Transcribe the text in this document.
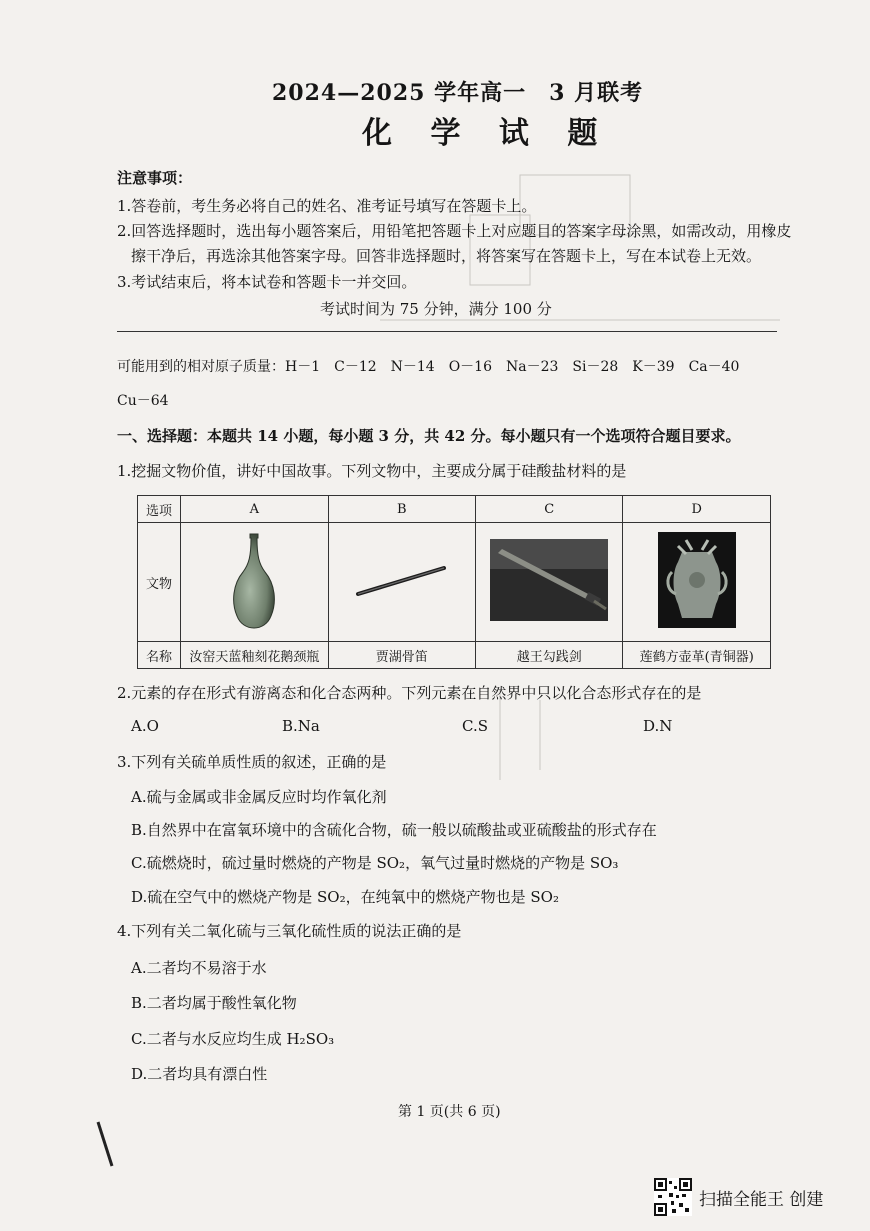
2024—2025 学年高一　3 月联考
化 学 试 题
注意事项：
1.答卷前，考生务必将自己的姓名、准考证号填写在答题卡上。
2.回答选择题时，选出每小题答案后，用铅笔把答题卡上对应题目的答案字母涂黑，如需改动，用橡皮
擦干净后，再选涂其他答案字母。回答非选择题时，将答案写在答题卡上，写在本试卷上无效。
3.考试结束后，将本试卷和答题卡一并交回。
考试时间为 75 分钟，满分 100 分
可能用到的相对原子质量：H－1　C－12　N－14　O－16　Na－23　Si－28　K－39　Ca－40
Cu－64
一、选择题：本题共 14 小题，每小题 3 分，共 42 分。每小题只有一个选项符合题目要求。
1.挖掘文物价值，讲好中国故事。下列文物中，主要成分属于硅酸盐材料的是
选项	A	B	C	D
文物				
名称	汝窑天蓝釉刻花鹅颈瓶	贾湖骨笛	越王勾践剑	莲鹤方壶革(青铜器)
2.元素的存在形式有游离态和化合态两种。下列元素在自然界中只以化合态形式存在的是
A.O	B.Na	C.S	D.N
3.下列有关硫单质性质的叙述，正确的是
A.硫与金属或非金属反应时均作氧化剂
B.自然界中在富氧环境中的含硫化合物，硫一般以硫酸盐或亚硫酸盐的形式存在
C.硫燃烧时，硫过量时燃烧的产物是 SO₂，氧气过量时燃烧的产物是 SO₃
D.硫在空气中的燃烧产物是 SO₂，在纯氧中的燃烧产物也是 SO₂
4.下列有关二氧化硫与三氧化硫性质的说法正确的是
A.二者均不易溶于水
B.二者均属于酸性氧化物
C.二者与水反应均生成 H₂SO₃
D.二者均具有漂白性
第 1 页(共 6 页)
扫描全能王 创建
